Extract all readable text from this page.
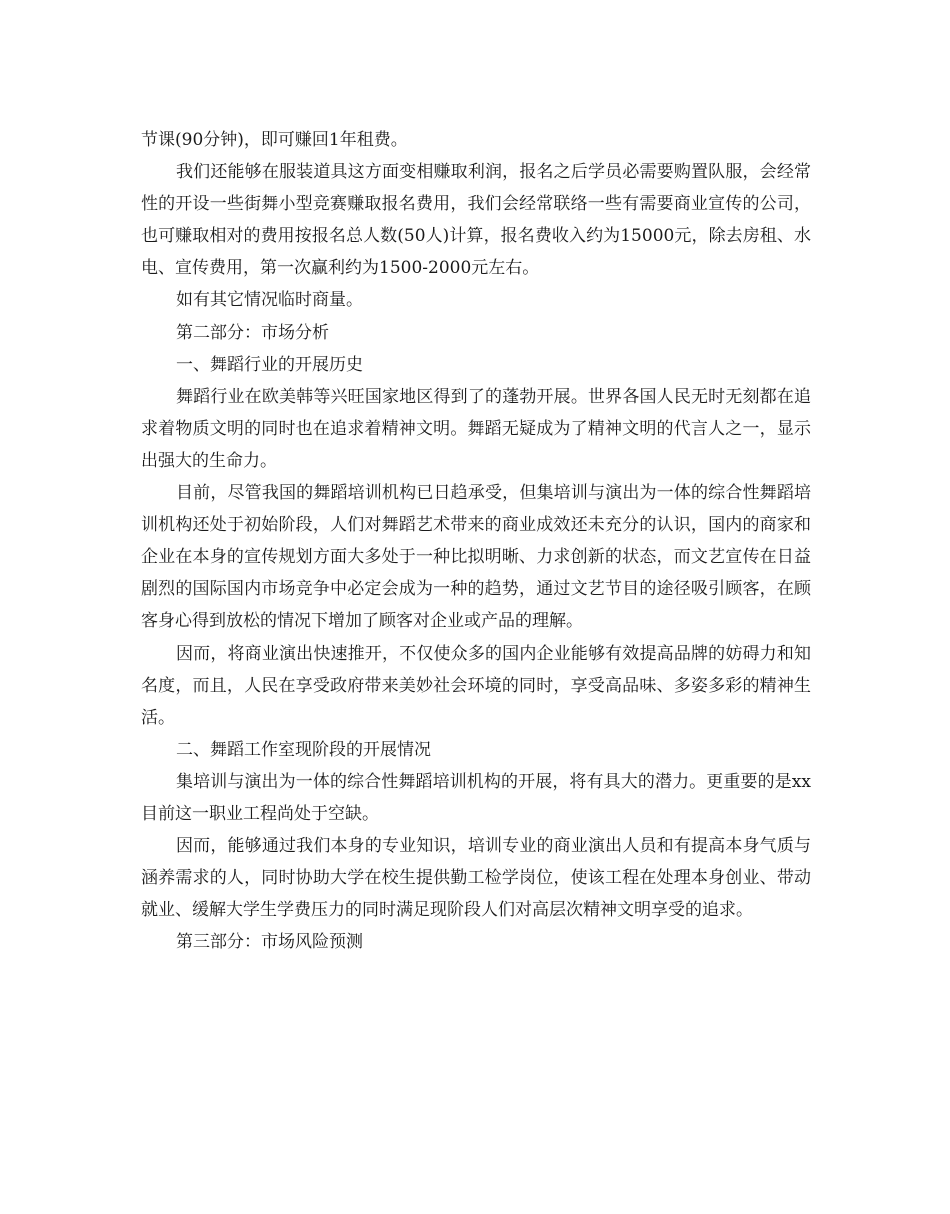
节课(90分钟)，即可赚回1年租费。

我们还能够在服装道具这方面变相赚取利润，报名之后学员必需要购置队服，会经常性的开设一些街舞小型竞赛赚取报名费用，我们会经常联络一些有需要商业宣传的公司，也可赚取相对的费用按报名总人数(50人)计算，报名费收入约为15000元，除去房租、水电、宣传费用，第一次赢利约为1500-2000元左右。

如有其它情况临时商量。

第二部分：市场分析

一、舞蹈行业的开展历史

舞蹈行业在欧美韩等兴旺国家地区得到了的蓬勃开展。世界各国人民无时无刻都在追求着物质文明的同时也在追求着精神文明。舞蹈无疑成为了精神文明的代言人之一，显示出强大的生命力。

目前，尽管我国的舞蹈培训机构已日趋承受，但集培训与演出为一体的综合性舞蹈培训机构还处于初始阶段，人们对舞蹈艺术带来的商业成效还未充分的认识，国内的商家和企业在本身的宣传规划方面大多处于一种比拟明晰、力求创新的状态，而文艺宣传在日益剧烈的国际国内市场竞争中必定会成为一种的趋势，通过文艺节目的途径吸引顾客，在顾客身心得到放松的情况下增加了顾客对企业或产品的理解。

因而，将商业演出快速推开，不仅使众多的国内企业能够有效提高品牌的妨碍力和知名度，而且，人民在享受政府带来美妙社会环境的同时，享受高品味、多姿多彩的精神生活。

二、舞蹈工作室现阶段的开展情况

集培训与演出为一体的综合性舞蹈培训机构的开展，将有具大的潜力。更重要的是xx目前这一职业工程尚处于空缺。

因而，能够通过我们本身的专业知识，培训专业的商业演出人员和有提高本身气质与涵养需求的人，同时协助大学在校生提供勤工检学岗位，使该工程在处理本身创业、带动就业、缓解大学生学费压力的同时满足现阶段人们对高层次精神文明享受的追求。

第三部分：市场风险预测
